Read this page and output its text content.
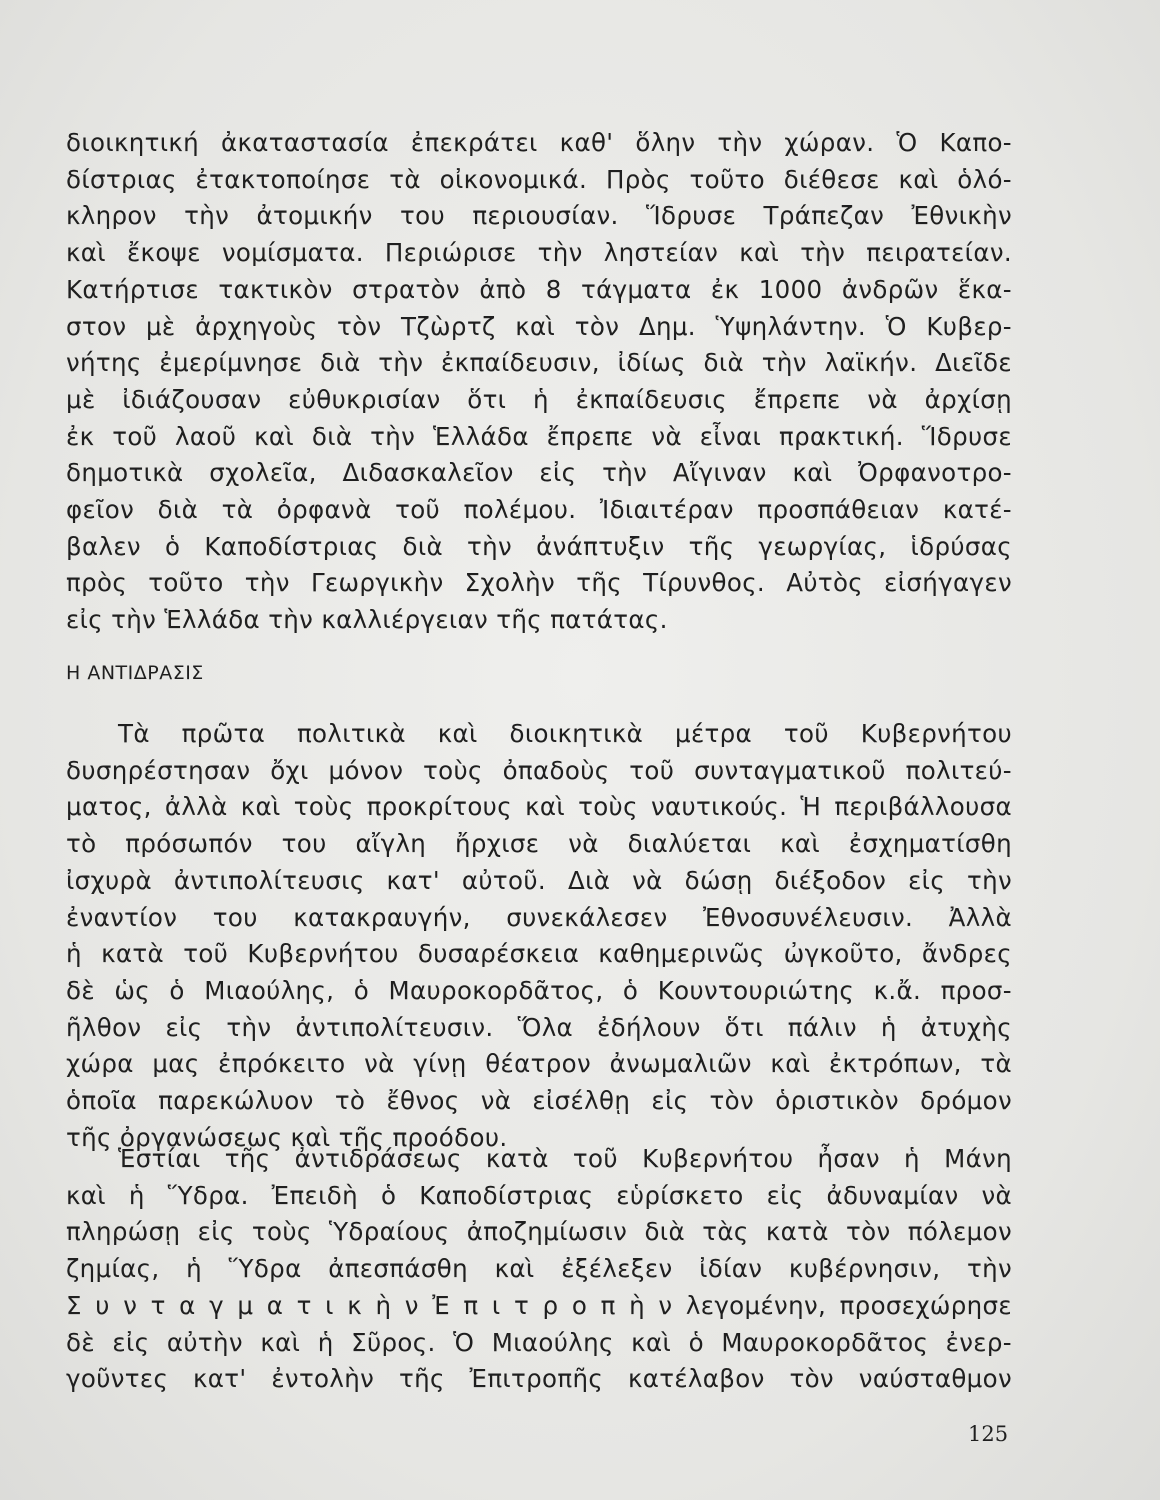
διοικητική ἀκαταστασία ἐπεκράτει καθ' ὅλην τὴν χώραν. Ὁ Καπο-
δίστριας ἐτακτοποίησε τὰ οἰκονομικά. Πρὸς τοῦτο διέθεσε καὶ ὁλό-
κληρον τὴν ἀτομικήν του περιουσίαν. Ἵδρυσε Τράπεζαν Ἐθνικὴν
καὶ ἔκοψε νομίσματα. Περιώρισε τὴν ληστείαν καὶ τὴν πειρατείαν.
Κατήρτισε τακτικὸν στρατὸν ἀπὸ 8 τάγματα ἐκ 1000 ἀνδρῶν ἕκα-
στον μὲ ἀρχηγοὺς τὸν Τζὼρτζ καὶ τὸν Δημ. Ὑψηλάντην. Ὁ Κυβερ-
νήτης ἐμερίμνησε διὰ τὴν ἐκπαίδευσιν, ἰδίως διὰ τὴν λαϊκήν. Διεῖδε
μὲ ἰδιάζουσαν εὐθυκρισίαν ὅτι ἡ ἐκπαίδευσις ἔπρεπε νὰ ἀρχίσῃ
ἐκ τοῦ λαοῦ καὶ διὰ τὴν Ἑλλάδα ἔπρεπε νὰ εἶναι πρακτική. Ἵδρυσε
δημοτικὰ σχολεῖα, Διδασκαλεῖον εἰς τὴν Αἴγιναν καὶ Ὀρφανοτρο-
φεῖον διὰ τὰ ὀρφανὰ τοῦ πολέμου. Ἰδιαιτέραν προσπάθειαν κατέ-
βαλεν ὁ Καποδίστριας διὰ τὴν ἀνάπτυξιν τῆς γεωργίας, ἱδρύσας
πρὸς τοῦτο τὴν Γεωργικὴν Σχολὴν τῆς Τίρυνθος. Αὐτὸς εἰσήγαγεν
εἰς τὴν Ἑλλάδα τὴν καλλιέργειαν τῆς πατάτας.
Η ΑΝΤΙΔΡΑΣΙΣ
Τὰ πρῶτα πολιτικὰ καὶ διοικητικὰ μέτρα τοῦ Κυβερνήτου
δυσηρέστησαν ὄχι μόνον τοὺς ὀπαδοὺς τοῦ συνταγματικοῦ πολιτεύ-
ματος, ἀλλὰ καὶ τοὺς προκρίτους καὶ τοὺς ναυτικούς. Ἡ περιβάλλουσα
τὸ πρόσωπόν του αἴγλη ἤρχισε νὰ διαλύεται καὶ ἐσχηματίσθη
ἰσχυρὰ ἀντιπολίτευσις κατ' αὐτοῦ. Διὰ νὰ δώσῃ διέξοδον εἰς τὴν
ἐναντίον του κατακραυγήν, συνεκάλεσεν Ἐθνοσυνέλευσιν. Ἀλλὰ
ἡ κατὰ τοῦ Κυβερνήτου δυσαρέσκεια καθημερινῶς ὠγκοῦτο, ἄνδρες
δὲ ὡς ὁ Μιαούλης, ὁ Μαυροκορδᾶτος, ὁ Κουντουριώτης κ.ἄ. προσ-
ῆλθον εἰς τὴν ἀντιπολίτευσιν. Ὅλα ἐδήλουν ὅτι πάλιν ἡ ἀτυχὴς
χώρα μας ἐπρόκειτο νὰ γίνῃ θέατρον ἀνωμαλιῶν καὶ ἐκτρόπων, τὰ
ὁποῖα παρεκώλυον τὸ ἔθνος νὰ εἰσέλθῃ εἰς τὸν ὁριστικὸν δρόμον
τῆς ὀργανώσεως καὶ τῆς προόδου.
Ἑστίαι τῆς ἀντιδράσεως κατὰ τοῦ Κυβερνήτου ἦσαν ἡ Μάνη
καὶ ἡ Ὕδρα. Ἐπειδὴ ὁ Καποδίστριας εὑρίσκετο εἰς ἀδυναμίαν νὰ
πληρώσῃ εἰς τοὺς Ὑδραίους ἀποζημίωσιν διὰ τὰς κατὰ τὸν πόλεμον
ζημίας, ἡ Ὕδρα ἀπεσπάσθη καὶ ἐξέλεξεν ἰδίαν κυβέρνησιν, τὴν
Σ υ ν τ α γ μ α τ ι κ ὴ ν Ἐ π ι τ ρ ο π ὴ ν λεγομένην, προσεχώρησε
δὲ εἰς αὐτὴν καὶ ἡ Σῦρος. Ὁ Μιαούλης καὶ ὁ Μαυροκορδᾶτος ἐνερ-
γοῦντες κατ' ἐντολὴν τῆς Ἐπιτροπῆς κατέλαβον τὸν ναύσταθμον
125
